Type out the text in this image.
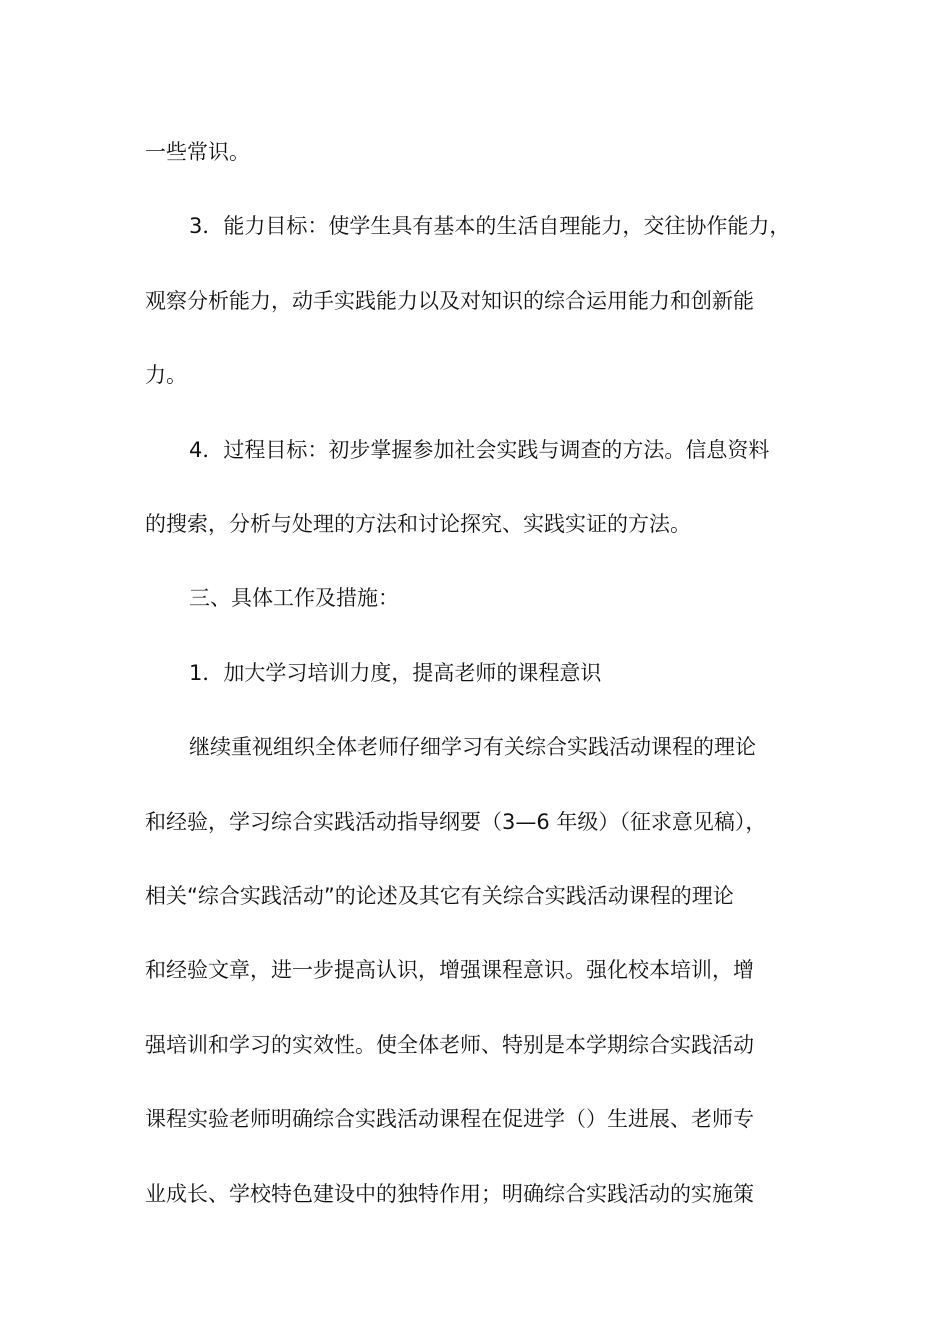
一些常识。
3．能力目标：使学生具有基本的生活自理能力，交往协作能力，
观察分析能力，动手实践能力以及对知识的综合运用能力和创新能
力。
4．过程目标：初步掌握参加社会实践与调查的方法。信息资料
的搜索，分析与处理的方法和讨论探究、实践实证的方法。
三、具体工作及措施：
1．加大学习培训力度，提高老师的课程意识
继续重视组织全体老师仔细学习有关综合实践活动课程的理论
和经验，学习综合实践活动指导纲要（3—6 年级）（征求意见稿），
相关“综合实践活动”的论述及其它有关综合实践活动课程的理论
和经验文章，进一步提高认识，增强课程意识。强化校本培训，增
强培训和学习的实效性。使全体老师、特别是本学期综合实践活动
课程实验老师明确综合实践活动课程在促进学（）生进展、老师专
业成长、学校特色建设中的独特作用；明确综合实践活动的实施策
